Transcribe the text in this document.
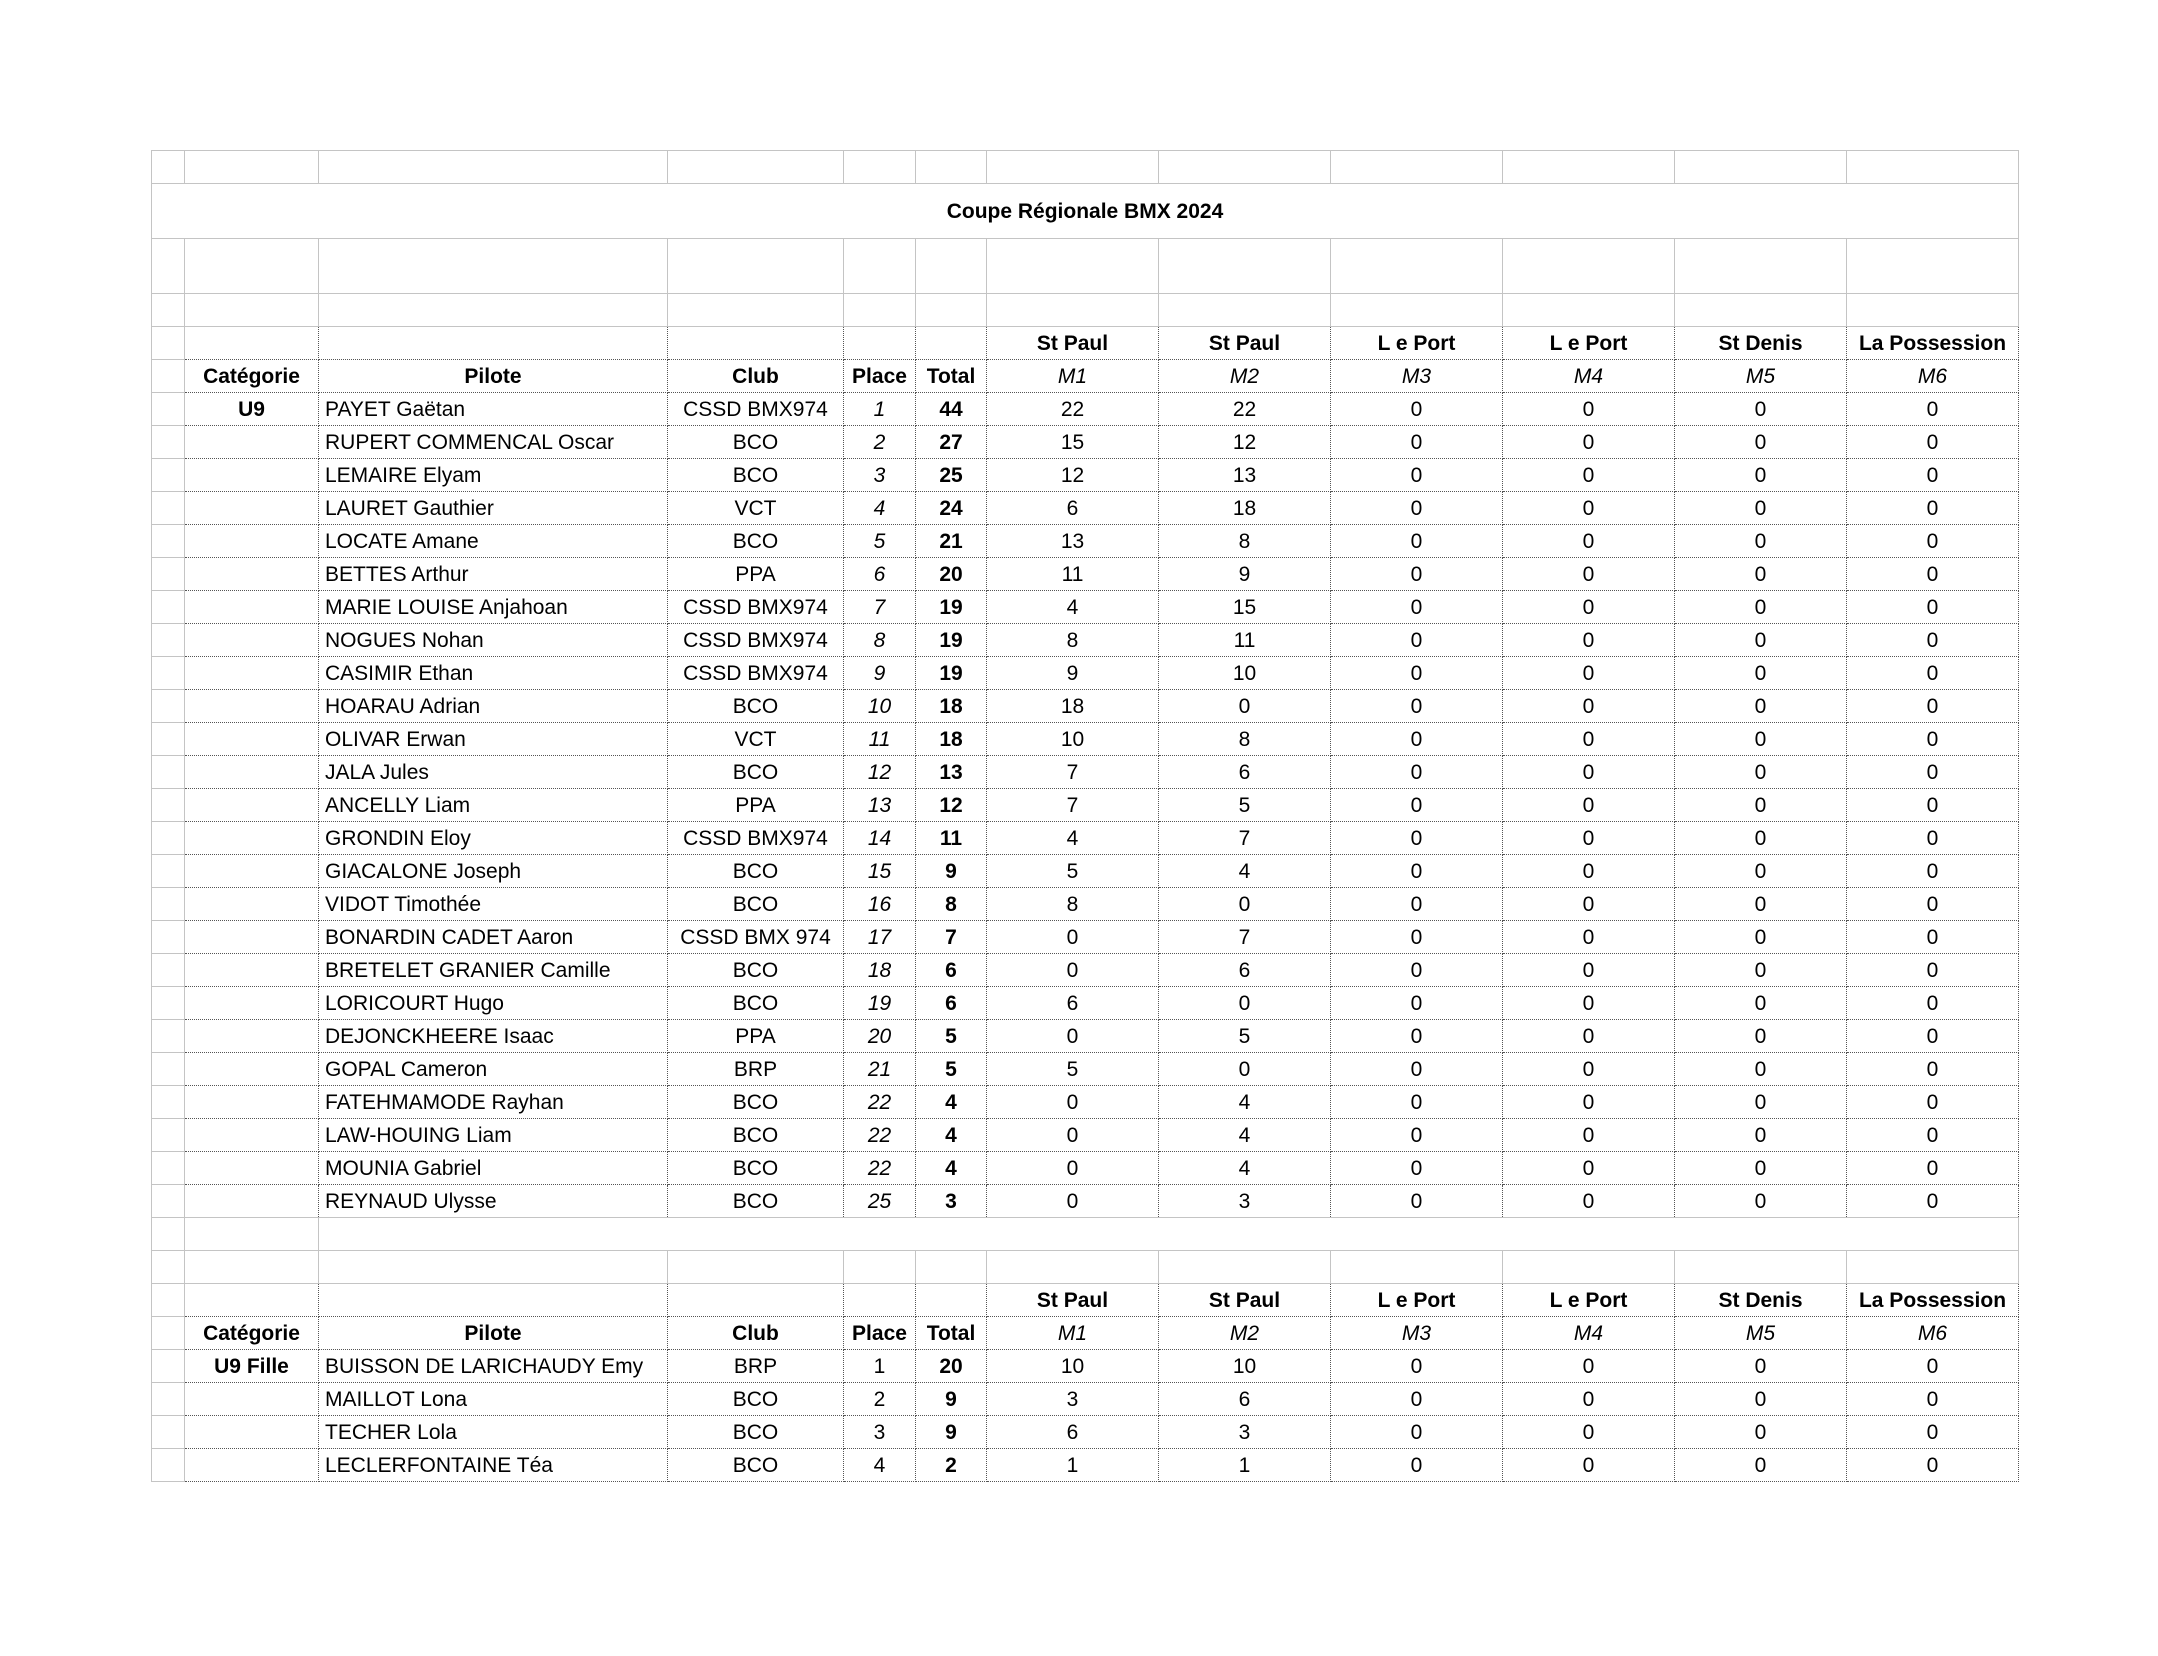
Coupe Régionale BMX 2024											

						St Paul	St Paul	L e Port	L e Port	St Denis	La Possession
	Catégorie	Pilote	Club	Place	Total	M1	M2	M3	M4	M5	M6
	U9	PAYET Gaëtan	CSSD BMX974	1	44	22	22	0	0	0	0
		RUPERT COMMENCAL Oscar	BCO	2	27	15	12	0	0	0	0
		LEMAIRE Elyam	BCO	3	25	12	13	0	0	0	0
		LAURET Gauthier	VCT	4	24	6	18	0	0	0	0
		LOCATE Amane	BCO	5	21	13	8	0	0	0	0
		BETTES Arthur	PPA	6	20	11	9	0	0	0	0
		MARIE LOUISE Anjahoan	CSSD BMX974	7	19	4	15	0	0	0	0
		NOGUES Nohan	CSSD BMX974	8	19	8	11	0	0	0	0
		CASIMIR Ethan	CSSD BMX974	9	19	9	10	0	0	0	0
		HOARAU Adrian	BCO	10	18	18	0	0	0	0	0
		OLIVAR Erwan	VCT	11	18	10	8	0	0	0	0
		JALA Jules	BCO	12	13	7	6	0	0	0	0
		ANCELLY Liam	PPA	13	12	7	5	0	0	0	0
		GRONDIN Eloy	CSSD BMX974	14	11	4	7	0	0	0	0
		GIACALONE Joseph	BCO	15	9	5	4	0	0	0	0
		VIDOT Timothée	BCO	16	8	8	0	0	0	0	0
		BONARDIN CADET Aaron	CSSD BMX 974	17	7	0	7	0	0	0	0
		BRETELET GRANIER Camille	BCO	18	6	0	6	0	0	0	0
		LORICOURT Hugo	BCO	19	6	6	0	0	0	0	0
		DEJONCKHEERE Isaac	PPA	20	5	0	5	0	0	0	0
		GOPAL Cameron	BRP	21	5	5	0	0	0	0	0
		FATEHMAMODE Rayhan	BCO	22	4	0	4	0	0	0	0
		LAW-HOUING Liam	BCO	22	4	0	4	0	0	0	0
		MOUNIA Gabriel	BCO	22	4	0	4	0	0	0	0
		REYNAUD Ulysse	BCO	25	3	0	3	0	0	0	0

						St Paul	St Paul	L e Port	L e Port	St Denis	La Possession
	Catégorie	Pilote	Club	Place	Total	M1	M2	M3	M4	M5	M6
	U9 Fille	BUISSON DE LARICHAUDY Emy	BRP	1	20	10	10	0	0	0	0
		MAILLOT Lona	BCO	2	9	3	6	0	0	0	0
		TECHER Lola	BCO	3	9	6	3	0	0	0	0
		LECLERFONTAINE Téa	BCO	4	2	1	1	0	0	0	0
